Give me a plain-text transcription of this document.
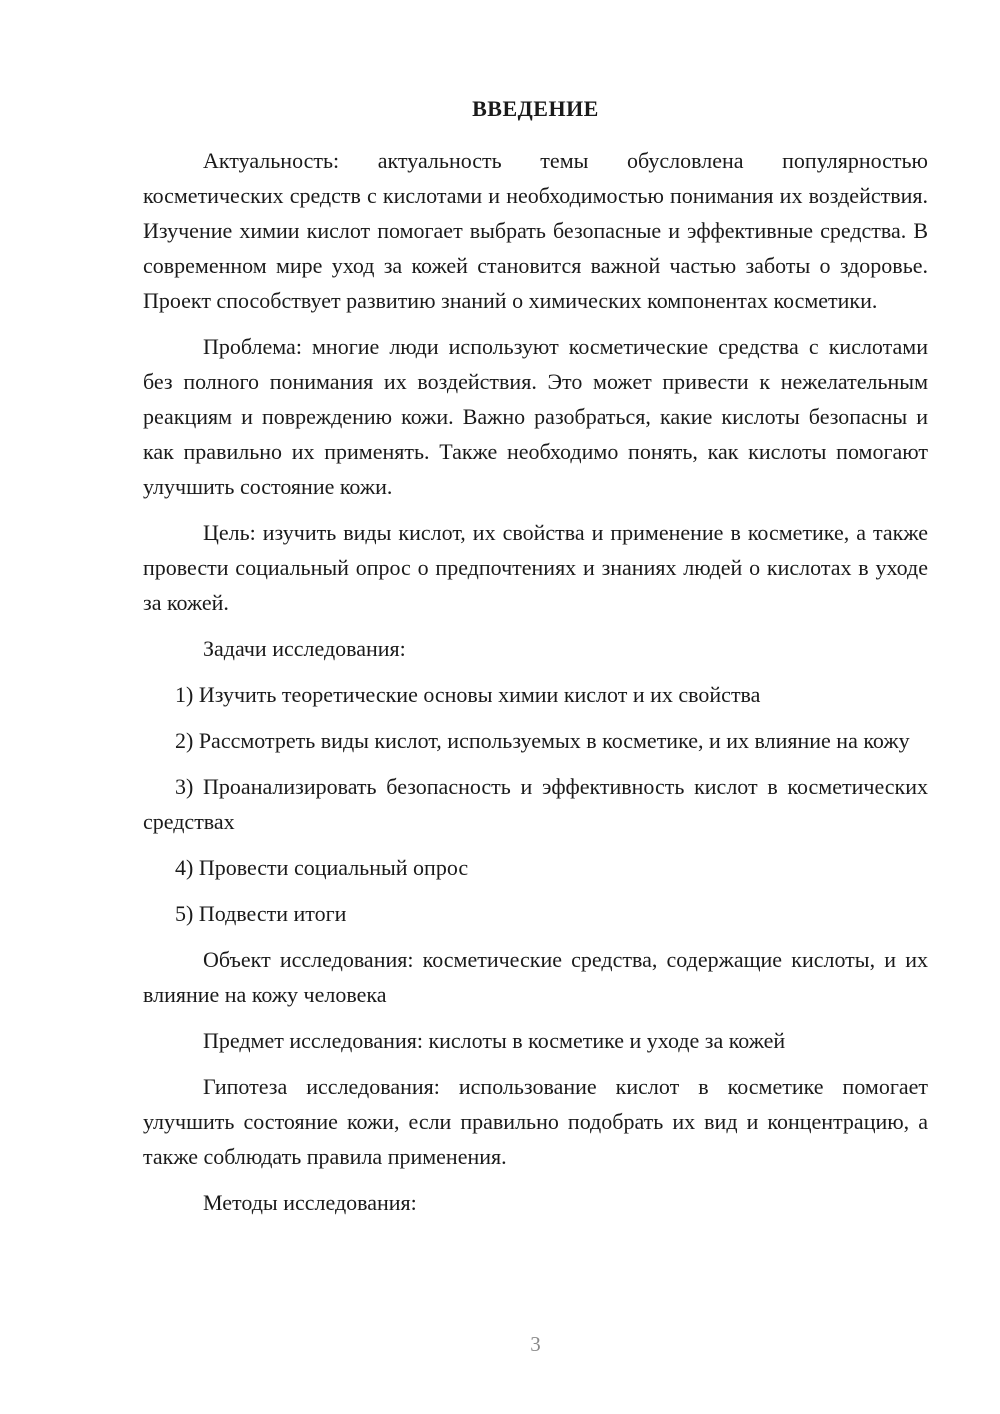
ВВЕДЕНИЕ

Актуальность: актуальность темы обусловлена популярностью косметических средств с кислотами и необходимостью понимания их воздействия. Изучение химии кислот помогает выбрать безопасные и эффективные средства. В современном мире уход за кожей становится важной частью заботы о здоровье. Проект способствует развитию знаний о химических компонентах косметики.

Проблема: многие люди используют косметические средства с кислотами без полного понимания их воздействия. Это может привести к нежелательным реакциям и повреждению кожи. Важно разобраться, какие кислоты безопасны и как правильно их применять. Также необходимо понять, как кислоты помогают улучшить состояние кожи.

Цель: изучить виды кислот, их свойства и применение в косметике, а также провести социальный опрос о предпочтениях и знаниях людей о кислотах в уходе за кожей.

Задачи исследования:

1) Изучить теоретические основы химии кислот и их свойства

2) Рассмотреть виды кислот, используемых в косметике, и их влияние на кожу

3) Проанализировать безопасность и эффективность кислот в косметических средствах

4) Провести социальный опрос

5) Подвести итоги

Объект исследования: косметические средства, содержащие кислоты, и их влияние на кожу человека

Предмет исследования: кислоты в косметике и уходе за кожей

Гипотеза исследования: использование кислот в косметике помогает улучшить состояние кожи, если правильно подобрать их вид и концентрацию, а также соблюдать правила применения.

Методы исследования:

3
